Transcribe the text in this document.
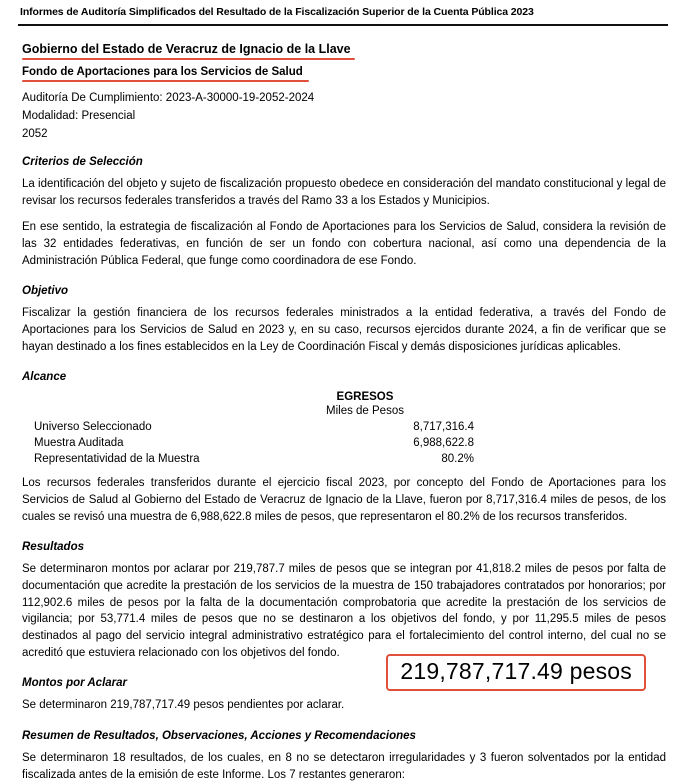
Informes de Auditoría Simplificados del Resultado de la Fiscalización Superior de la Cuenta Pública 2023
Gobierno del Estado de Veracruz de Ignacio de la Llave
Fondo de Aportaciones para los Servicios de Salud
Auditoría De Cumplimiento: 2023-A-30000-19-2052-2024
Modalidad: Presencial
2052
Criterios de Selección
La identificación del objeto y sujeto de fiscalización propuesto obedece en consideración del mandato constitucional y legal de revisar los recursos federales transferidos a través del Ramo 33 a los Estados y Municipios.
En ese sentido, la estrategia de fiscalización al Fondo de Aportaciones para los Servicios de Salud, considera la revisión de las 32 entidades federativas, en función de ser un fondo con cobertura nacional, así como una dependencia de la Administración Pública Federal, que funge como coordinadora de ese Fondo.
Objetivo
Fiscalizar la gestión financiera de los recursos federales ministrados a la entidad federativa, a través del Fondo de Aportaciones para los Servicios de Salud en 2023 y, en su caso, recursos ejercidos durante 2024, a fin de verificar que se hayan destinado a los fines establecidos en la Ley de Coordinación Fiscal y demás disposiciones jurídicas aplicables.
Alcance
EGRESOS
Miles de Pesos
Universo Seleccionado	8,717,316.4
Muestra Auditada	6,988,622.8
Representatividad de la Muestra	80.2%
Los recursos federales transferidos durante el ejercicio fiscal 2023, por concepto del Fondo de Aportaciones para los Servicios de Salud al Gobierno del Estado de Veracruz de Ignacio de la Llave, fueron por 8,717,316.4 miles de pesos, de los cuales se revisó una muestra de 6,988,622.8 miles de pesos, que representaron el 80.2% de los recursos transferidos.
Resultados
Se determinaron montos por aclarar por 219,787.7 miles de pesos que se integran por 41,818.2 miles de pesos por falta de documentación que acredite la prestación de los servicios de la muestra de 150 trabajadores contratados por honorarios; por 112,902.6 miles de pesos por la falta de la documentación comprobatoria que acredite la prestación de los servicios de vigilancia; por 53,771.4 miles de pesos que no se destinaron a los objetivos del fondo, y por 11,295.5 miles de pesos destinados al pago del servicio integral administrativo estratégico para el fortalecimiento del control interno, del cual no se acreditó que estuviera relacionado con los objetivos del fondo.
Montos por Aclarar
Se determinaron 219,787,717.49 pesos pendientes por aclarar.
Resumen de Resultados, Observaciones, Acciones y Recomendaciones
Se determinaron 18 resultados, de los cuales, en 8 no se detectaron irregularidades y 3 fueron solventados por la entidad fiscalizada antes de la emisión de este Informe. Los 7 restantes generaron:
219,787,717.49 pesos
